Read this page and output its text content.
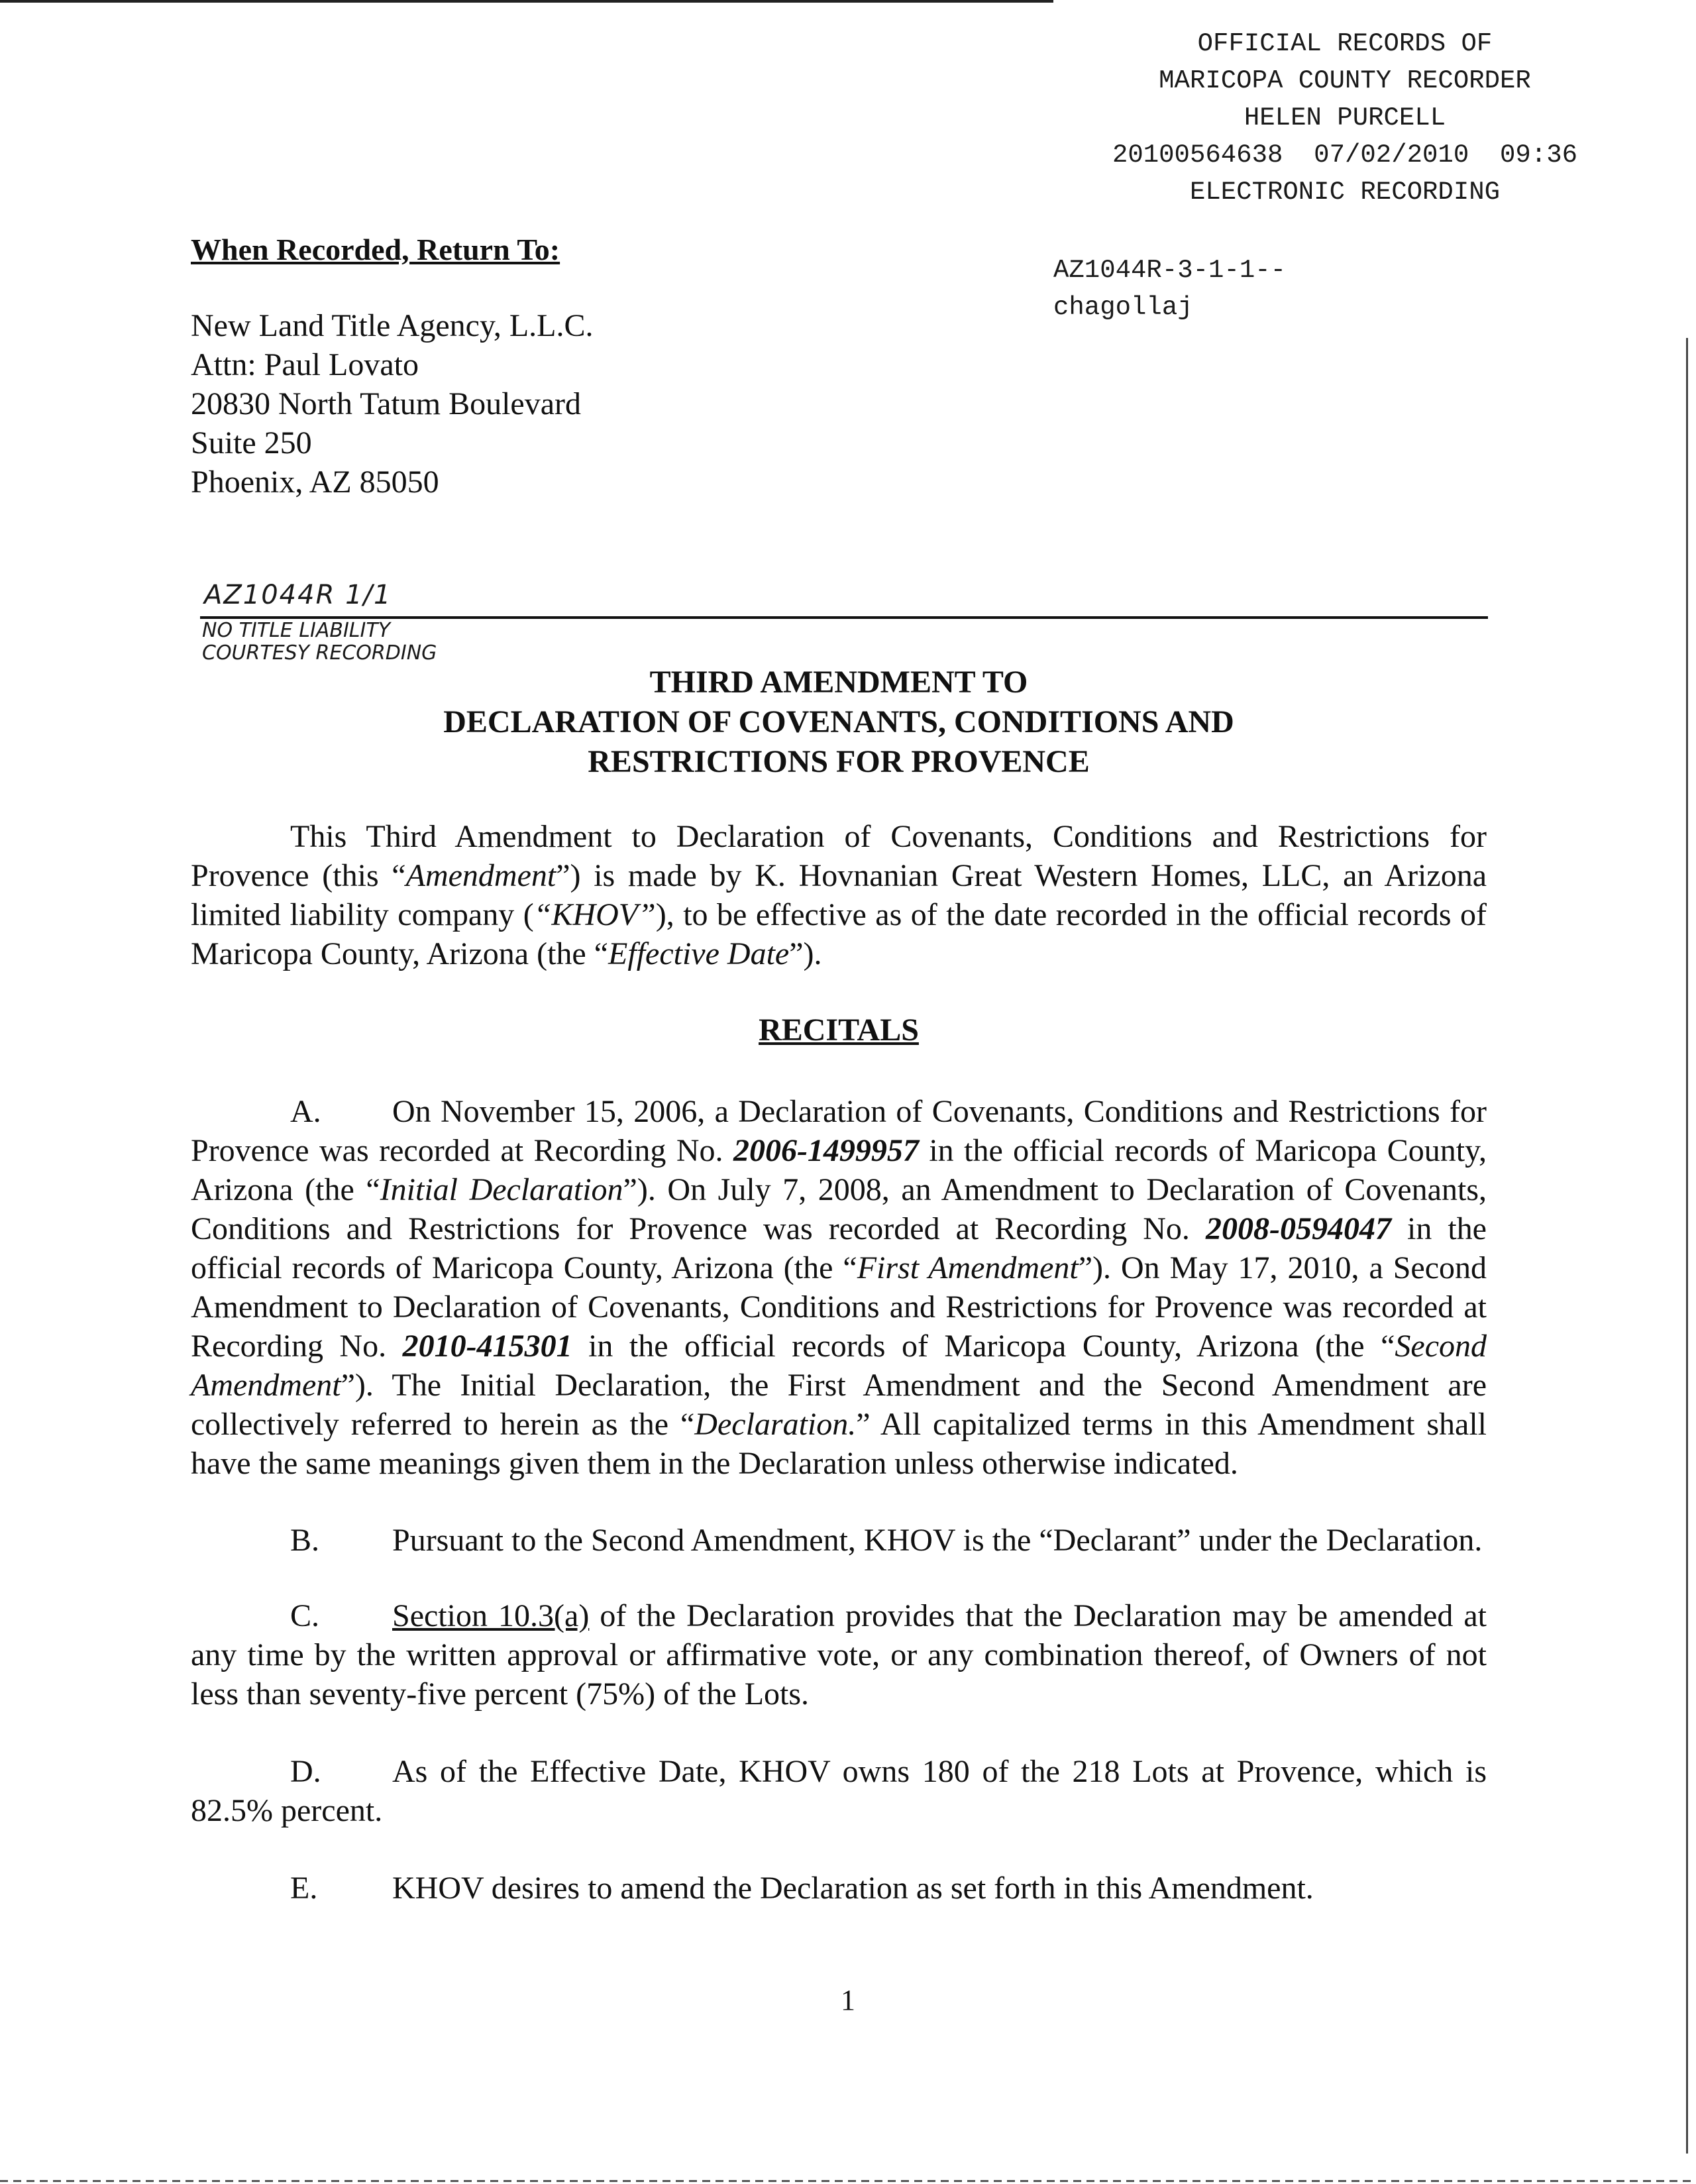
OFFICIAL RECORDS OF
MARICOPA COUNTY RECORDER
HELEN PURCELL
20100564638  07/02/2010  09:36
ELECTRONIC RECORDING
AZ1044R-3-1-1--
chagollaj
When Recorded, Return To:
New Land Title Agency, L.L.C.
Attn: Paul Lovato
20830 North Tatum Boulevard
Suite 250
Phoenix, AZ 85050
AZ1044R 1/1
NO TITLE LIABILITY
COURTESY RECORDING
THIRD AMENDMENT TO
DECLARATION OF COVENANTS, CONDITIONS AND
RESTRICTIONS FOR PROVENCE
This Third Amendment to Declaration of Covenants, Conditions and Restrictions for Provence (this “Amendment”) is made by K. Hovnanian Great Western Homes, LLC, an Arizona limited liability company (“KHOV”), to be effective as of the date recorded in the official records of Maricopa County, Arizona (the “Effective Date”).
RECITALS
A. On November 15, 2006, a Declaration of Covenants, Conditions and Restrictions for Provence was recorded at Recording No. 2006-1499957 in the official records of Maricopa County, Arizona (the “Initial Declaration”). On July 7, 2008, an Amendment to Declaration of Covenants, Conditions and Restrictions for Provence was recorded at Recording No. 2008-0594047 in the official records of Maricopa County, Arizona (the “First Amendment”). On May 17, 2010, a Second Amendment to Declaration of Covenants, Conditions and Restrictions for Provence was recorded at Recording No. 2010-415301 in the official records of Maricopa County, Arizona (the “Second Amendment”). The Initial Declaration, the First Amendment and the Second Amendment are collectively referred to herein as the “Declaration.” All capitalized terms in this Amendment shall have the same meanings given them in the Declaration unless otherwise indicated.
B. Pursuant to the Second Amendment, KHOV is the “Declarant” under the Declaration.
C. Section 10.3(a) of the Declaration provides that the Declaration may be amended at any time by the written approval or affirmative vote, or any combination thereof, of Owners of not less than seventy-five percent (75%) of the Lots.
D. As of the Effective Date, KHOV owns 180 of the 218 Lots at Provence, which is 82.5% percent.
E. KHOV desires to amend the Declaration as set forth in this Amendment.
1
